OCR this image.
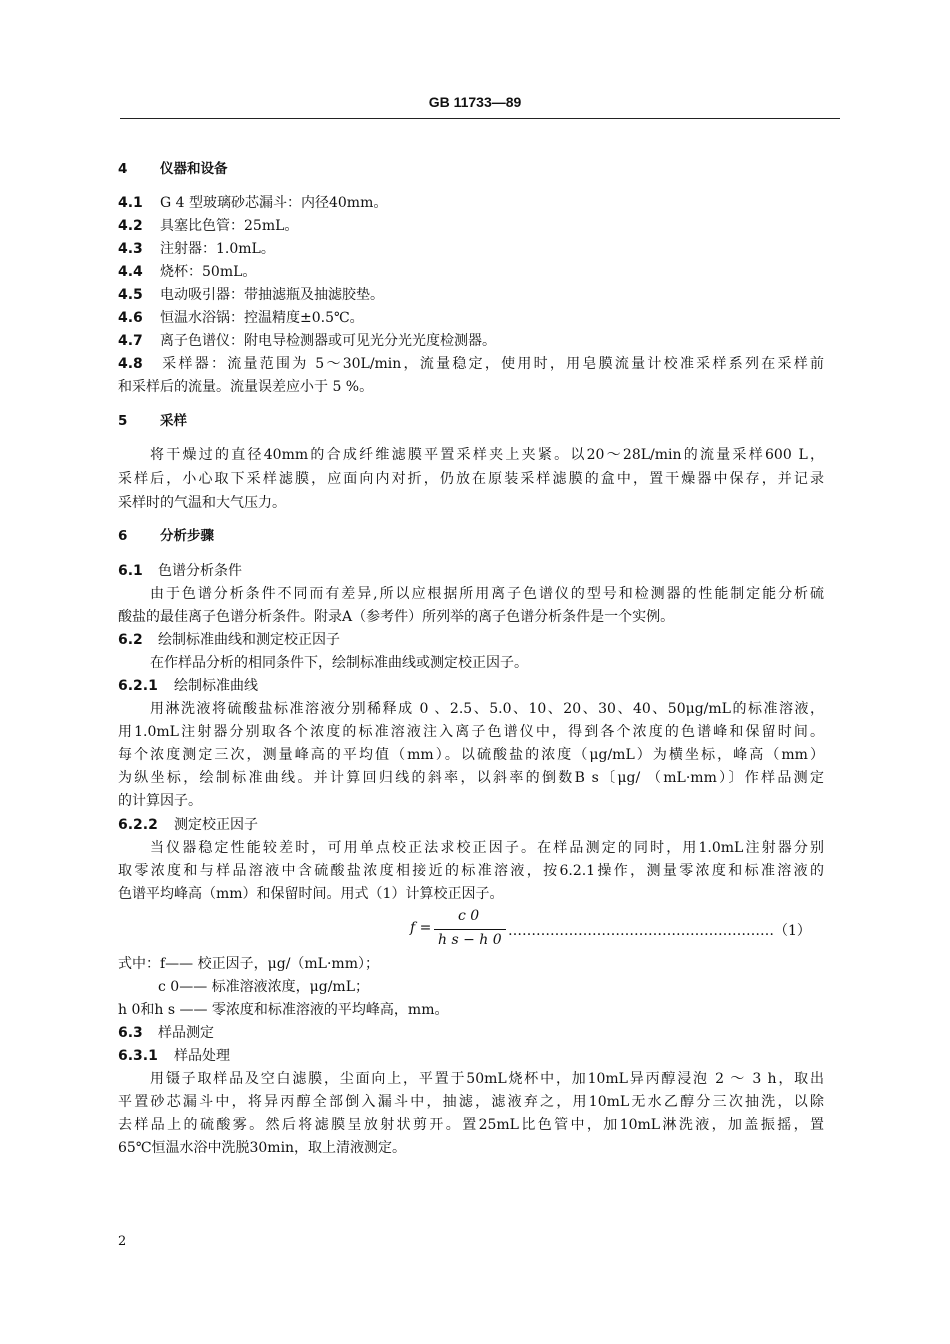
GB 11733—89
4 仪器和设备
4.1 G 4 型玻璃砂芯漏斗：内径40mm。
4.2 具塞比色管：25mL。
4.3 注射器：1.0mL。
4.4 烧杯：50mL。
4.5 电动吸引器：带抽滤瓶及抽滤胶垫。
4.6 恒温水浴锅：控温精度±0.5℃。
4.7 离子色谱仪：附电导检测器或可见光分光光度检测器。
4.8 采样器：流量范围为 5～30L/min，流量稳定，使用时，用皂膜流量计校准采样系列在采样前
和采样后的流量。流量误差应小于 5 %。
5 采样
将干燥过的直径40mm的合成纤维滤膜平置采样夹上夹紧。以20～28L/min的流量采样600 L，
采样后，小心取下采样滤膜，应面向内对折，仍放在原装采样滤膜的盒中，置干燥器中保存，并记录
采样时的气温和大气压力。
6 分析步骤
6.1 色谱分析条件
由于色谱分析条件不同而有差异,所以应根据所用离子色谱仪的型号和检测器的性能制定能分析硫
酸盐的最佳离子色谱分析条件。附录A（参考件）所列举的离子色谱分析条件是一个实例。
6.2 绘制标准曲线和测定校正因子
在作样品分析的相同条件下，绘制标准曲线或测定校正因子。
6.2.1 绘制标准曲线
用淋洗液将硫酸盐标准溶液分别稀释成 0 、2.5、5.0、10、20、30、40、50μg/mL的标准溶液，
用1.0mL注射器分别取各个浓度的标准溶液注入离子色谱仪中，得到各个浓度的色谱峰和保留时间。
每个浓度测定三次，测量峰高的平均值（mm）。以硫酸盐的浓度（μg/mL）为横坐标，峰高（mm）
为纵坐标，绘制标准曲线。并计算回归线的斜率，以斜率的倒数B s〔μg/ （mL·mm）〕作样品测定
的计算因子。
6.2.2 测定校正因子
当仪器稳定性能较差时，可用单点校正法求校正因子。在样品测定的同时，用1.0mL注射器分别
取零浓度和与样品溶液中含硫酸盐浓度相接近的标准溶液，按6.2.1操作，测量零浓度和标准溶液的
色谱平均峰高（mm）和保留时间。用式（1）计算校正因子。
f =
c 0
h s − h 0
…………………………………………………（1）
式中：f—— 校正因子，μg/（mL·mm）；
c 0—— 标准溶液浓度，μg/mL；
h 0和h s —— 零浓度和标准溶液的平均峰高，mm。
6.3 样品测定
6.3.1 样品处理
用镊子取样品及空白滤膜，尘面向上，平置于50mL烧杯中，加10mL异丙醇浸泡 2 ～ 3 h，取出
平置砂芯漏斗中，将异丙醇全部倒入漏斗中，抽滤，滤液弃之，用10mL无水乙醇分三次抽洗，以除
去样品上的硫酸雾。然后将滤膜呈放射状剪开。置25mL比色管中，加10mL淋洗液，加盖振摇，置
65℃恒温水浴中洗脱30min，取上清液测定。
2
